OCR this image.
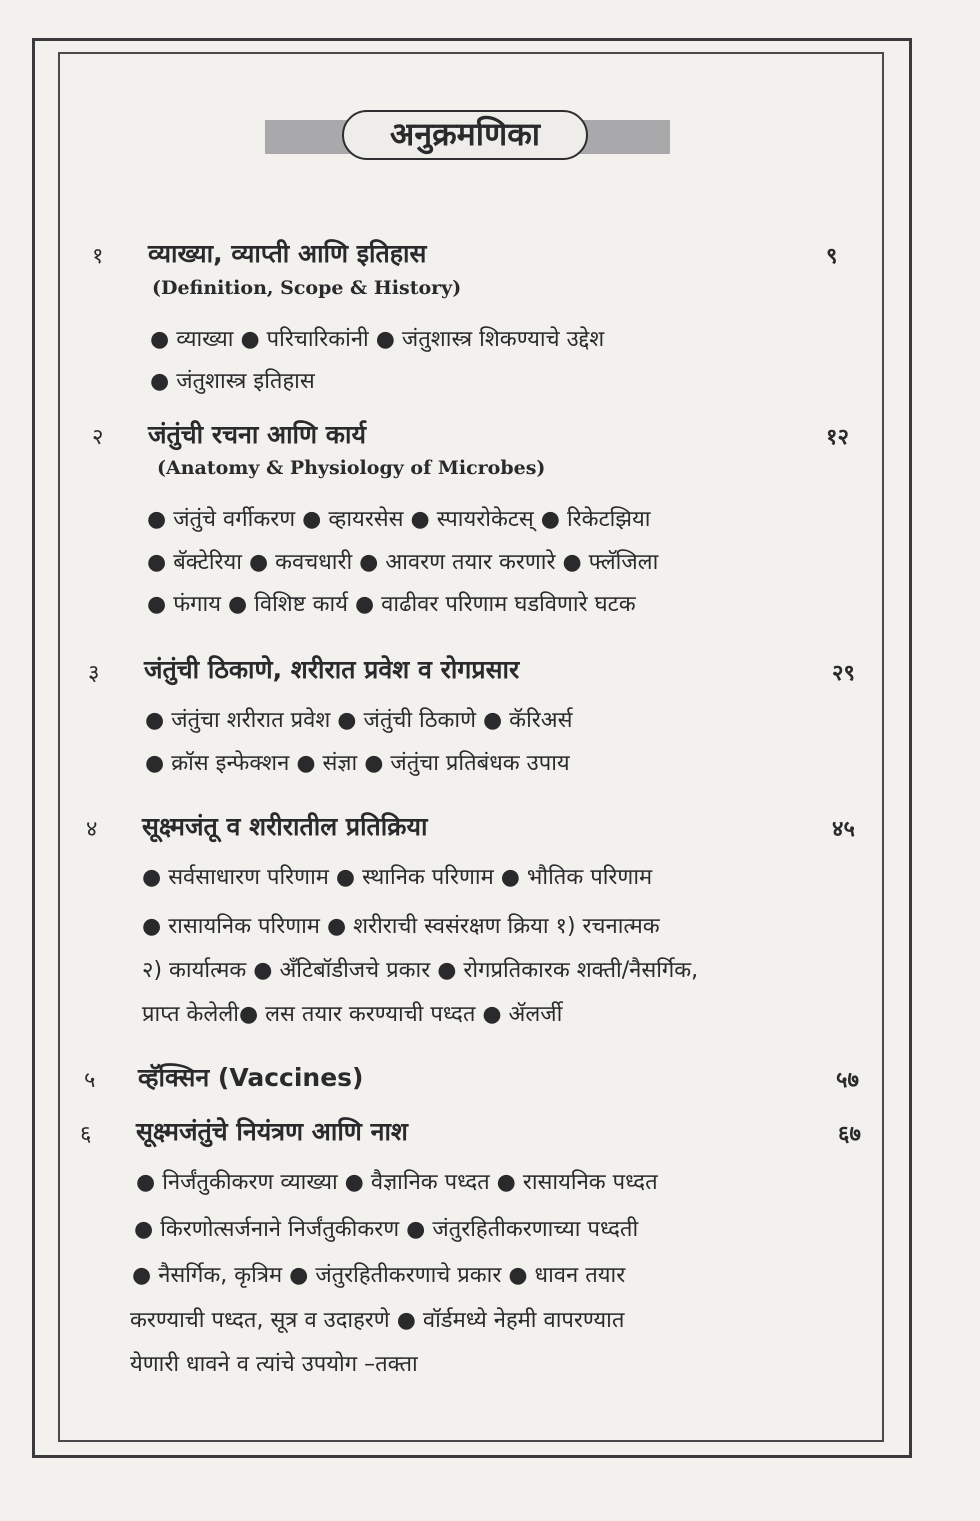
अनुक्रमणिका
१ व्याख्या, व्याप्ती आणि इतिहास	९
(Definition, Scope & History)
● व्याख्या ● परिचारिकांनी ● जंतुशास्त्र शिकण्याचे उद्देश
● जंतुशास्त्र इतिहास
२ जंतुंची रचना आणि कार्य	१२
(Anatomy & Physiology of Microbes)
● जंतुंचे वर्गीकरण ● व्हायरसेस ● स्पायरोकेटस् ● रिकेटझिया
● बॅक्टेरिया ● कवचधारी ● आवरण तयार करणारे ● फ्लॅजिला
● फंगाय ● विशिष्ट कार्य ● वाढीवर परिणाम घडविणारे घटक
३ जंतुंची ठिकाणे, शरीरात प्रवेश व रोगप्रसार	२९
● जंतुंचा शरीरात प्रवेश ● जंतुंची ठिकाणे ● कॅरिअर्स
● क्रॉस इन्फेक्शन ● संज्ञा ● जंतुंचा प्रतिबंधक उपाय
४ सूक्ष्मजंतू व शरीरातील प्रतिक्रिया	४५
● सर्वसाधारण परिणाम ● स्थानिक परिणाम ● भौतिक परिणाम
● रासायनिक परिणाम ● शरीराची स्वसंरक्षण क्रिया १) रचनात्मक
२) कार्यात्मक ● अँटिबॉडीजचे प्रकार ● रोगप्रतिकारक शक्ती/नैसर्गिक,
प्राप्त केलेली● लस तयार करण्याची पध्दत ● ॲलर्जी
५ व्हॅक्सिन (Vaccines)	५७
६ सूक्ष्मजंतुंचे नियंत्रण आणि नाश	६७
● निर्जंतुकीकरण व्याख्या ● वैज्ञानिक पध्दत ● रासायनिक पध्दत
● किरणोत्सर्जनाने निर्जंतुकीकरण ● जंतुरहितीकरणाच्या पध्दती
● नैसर्गिक, कृत्रिम ● जंतुरहितीकरणाचे प्रकार ● धावन तयार
करण्याची पध्दत, सूत्र व उदाहरणे ● वॉर्डमध्ये नेहमी वापरण्यात
येणारी धावने व त्यांचे उपयोग –तक्ता
